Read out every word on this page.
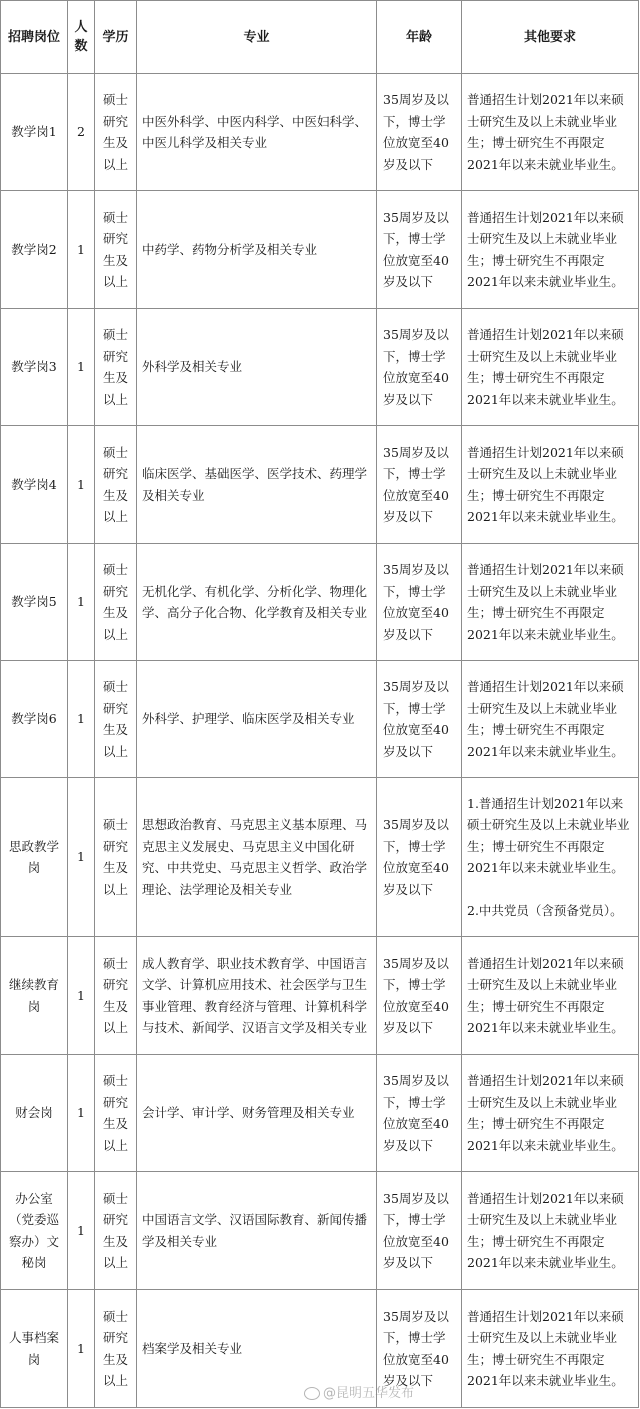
招聘岗位	人数	学历	专业	年龄	其他要求
教学岗1	2	硕士研究生及以上	中医外科学、中医内科学、中医妇科学、中医儿科学及相关专业	35周岁及以下，博士学位放宽至40岁及以下	普通招生计划2021年以来硕士研究生及以上未就业毕业生；博士研究生不再限定2021年以来未就业毕业生。

教学岗2	1	硕士研究生及以上	中药学、药物分析学及相关专业	35周岁及以下，博士学位放宽至40岁及以下	普通招生计划2021年以来硕士研究生及以上未就业毕业生；博士研究生不再限定2021年以来未就业毕业生。

教学岗3	1	硕士研究生及以上	外科学及相关专业	35周岁及以下，博士学位放宽至40岁及以下	普通招生计划2021年以来硕士研究生及以上未就业毕业生；博士研究生不再限定2021年以来未就业毕业生。

教学岗4	1	硕士研究生及以上	临床医学、基础医学、医学技术、药理学及相关专业	35周岁及以下，博士学位放宽至40岁及以下	普通招生计划2021年以来硕士研究生及以上未就业毕业生；博士研究生不再限定2021年以来未就业毕业生。

教学岗5	1	硕士研究生及以上	无机化学、有机化学、分析化学、物理化学、高分子化合物、化学教育及相关专业	35周岁及以下，博士学位放宽至40岁及以下	普通招生计划2021年以来硕士研究生及以上未就业毕业生；博士研究生不再限定2021年以来未就业毕业生。

教学岗6	1	硕士研究生及以上	外科学、护理学、临床医学及相关专业	35周岁及以下，博士学位放宽至40岁及以下	普通招生计划2021年以来硕士研究生及以上未就业毕业生；博士研究生不再限定2021年以来未就业毕业生。

思政教学岗	1	硕士研究生及以上	思想政治教育、马克思主义基本原理、马克思主义发展史、马克思主义中国化研究、中共党史、马克思主义哲学、政治学理论、法学理论及相关专业	35周岁及以下，博士学位放宽至40岁及以下	1.普通招生计划2021年以来硕士研究生及以上未就业毕业生；博士研究生不再限定2021年以来未就业毕业生。
2.中共党员（含预备党员）。

继续教育岗	1	硕士研究生及以上	成人教育学、职业技术教育学、中国语言文学、计算机应用技术、社会医学与卫生事业管理、教育经济与管理、计算机科学与技术、新闻学、汉语言文学及相关专业	35周岁及以下，博士学位放宽至40岁及以下	普通招生计划2021年以来硕士研究生及以上未就业毕业生；博士研究生不再限定2021年以来未就业毕业生。

财会岗	1	硕士研究生及以上	会计学、审计学、财务管理及相关专业	35周岁及以下，博士学位放宽至40岁及以下	普通招生计划2021年以来硕士研究生及以上未就业毕业生；博士研究生不再限定2021年以来未就业毕业生。

办公室（党委巡察办）文秘岗	1	硕士研究生及以上	中国语言文学、汉语国际教育、新闻传播学及相关专业	35周岁及以下，博士学位放宽至40岁及以下	普通招生计划2021年以来硕士研究生及以上未就业毕业生；博士研究生不再限定2021年以来未就业毕业生。

人事档案岗	1	硕士研究生及以上	档案学及相关专业	35周岁及以下，博士学位放宽至40岁及以下	普通招生计划2021年以来硕士研究生及以上未就业毕业生；博士研究生不再限定2021年以来未就业毕业生。
@昆明五华发布
